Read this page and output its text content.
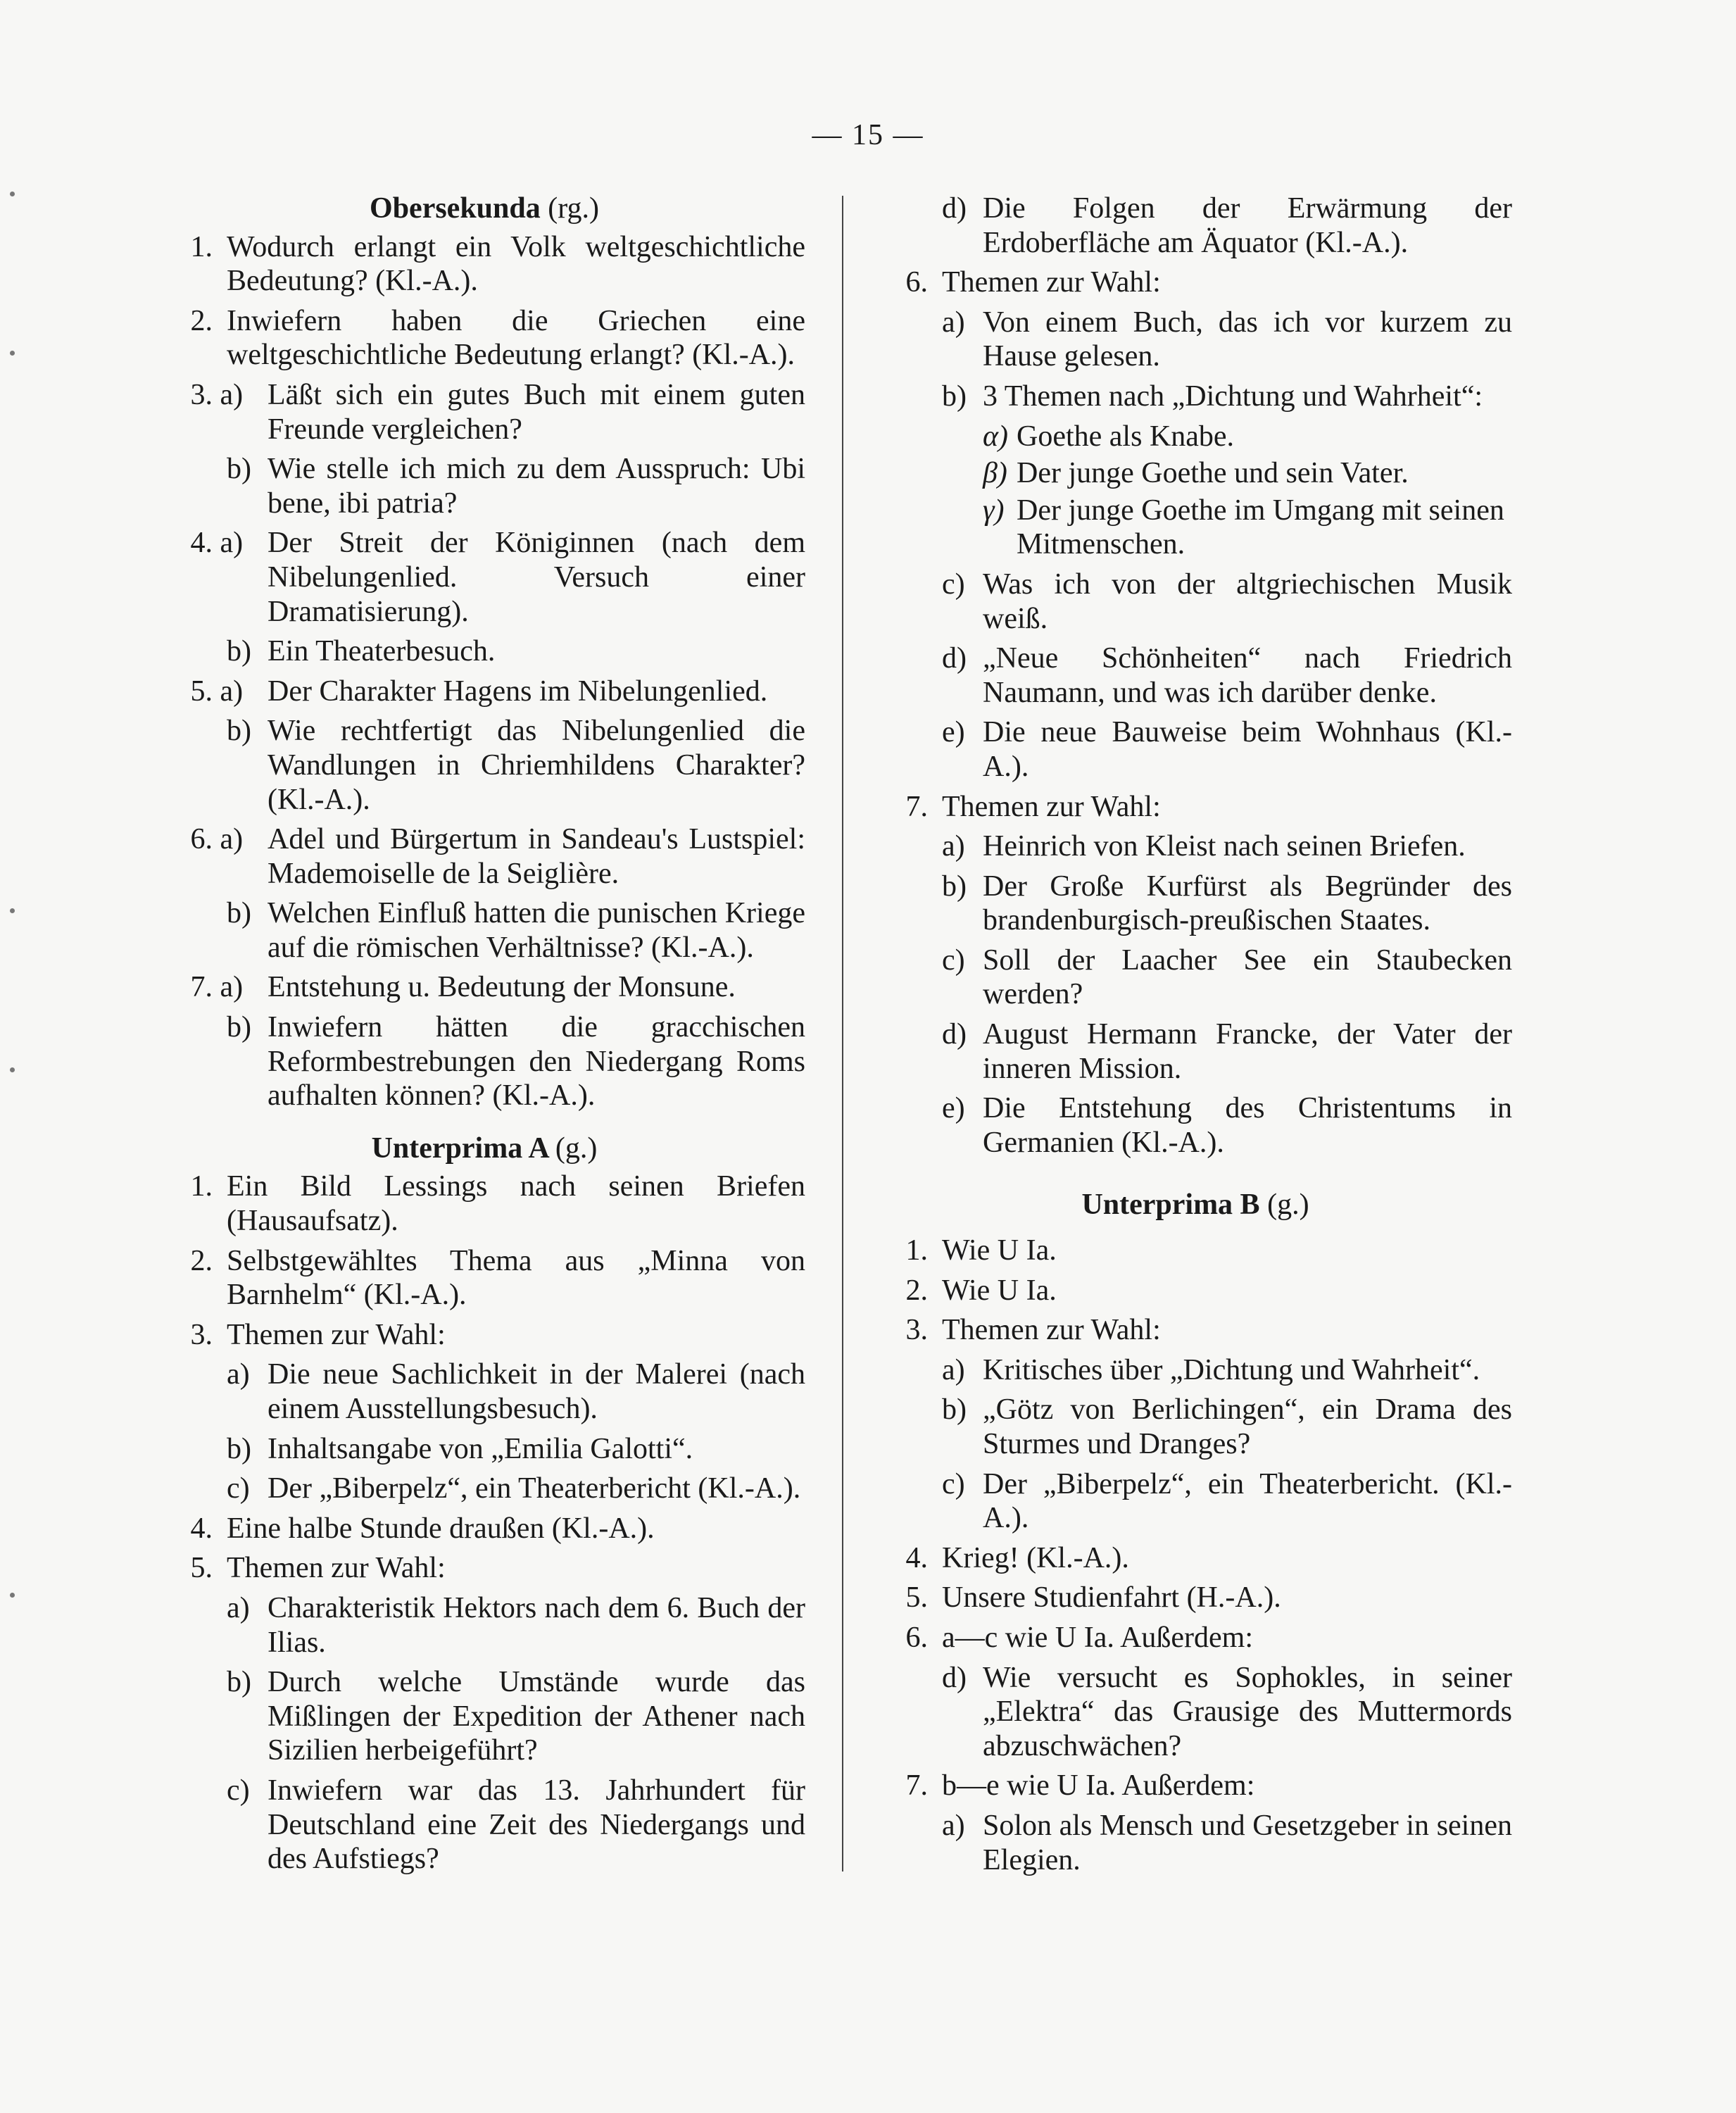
— 15 —
Obersekunda (rg.)
1. Wodurch erlangt ein Volk weltgeschichtliche Bedeutung? (Kl.-A.).
2. Inwiefern haben die Griechen eine weltgeschichtliche Bedeutung erlangt? (Kl.-A.).
3. a) Läßt sich ein gutes Buch mit einem guten Freunde vergleichen?
b) Wie stelle ich mich zu dem Ausspruch: Ubi bene, ibi patria?
4. a) Der Streit der Königinnen (nach dem Nibelungenlied. Versuch einer Dramatisierung).
b) Ein Theaterbesuch.
5. a) Der Charakter Hagens im Nibelungenlied.
b) Wie rechtfertigt das Nibelungenlied die Wandlungen in Chriemhildens Charakter? (Kl.-A.).
6. a) Adel und Bürgertum in Sandeau's Lustspiel: Mademoiselle de la Seiglière.
b) Welchen Einfluß hatten die punischen Kriege auf die römischen Verhältnisse? (Kl.-A.).
7. a) Entstehung u. Bedeutung der Monsune.
b) Inwiefern hätten die gracchischen Reformbestrebungen den Niedergang Roms aufhalten können? (Kl.-A.).
Unterprima A (g.)
1. Ein Bild Lessings nach seinen Briefen (Hausaufsatz).
2. Selbstgewähltes Thema aus „Minna von Barnhelm“ (Kl.-A.).
3. Themen zur Wahl:
a) Die neue Sachlichkeit in der Malerei (nach einem Ausstellungsbesuch).
b) Inhaltsangabe von „Emilia Galotti“.
c) Der „Biberpelz“, ein Theaterbericht (Kl.-A.).
4. Eine halbe Stunde draußen (Kl.-A.).
5. Themen zur Wahl:
a) Charakteristik Hektors nach dem 6. Buch der Ilias.
b) Durch welche Umstände wurde das Mißlingen der Expedition der Athener nach Sizilien herbeigeführt?
c) Inwiefern war das 13. Jahrhundert für Deutschland eine Zeit des Niedergangs und des Aufstiegs?
d) Die Folgen der Erwärmung der Erdoberfläche am Äquator (Kl.-A.).
6. Themen zur Wahl:
a) Von einem Buch, das ich vor kurzem zu Hause gelesen.
b) 3 Themen nach „Dichtung und Wahrheit“:
α) Goethe als Knabe.
β) Der junge Goethe und sein Vater.
γ) Der junge Goethe im Umgang mit seinen Mitmenschen.
c) Was ich von der altgriechischen Musik weiß.
d) „Neue Schönheiten“ nach Friedrich Naumann, und was ich darüber denke.
e) Die neue Bauweise beim Wohnhaus (Kl.-A.).
7. Themen zur Wahl:
a) Heinrich von Kleist nach seinen Briefen.
b) Der Große Kurfürst als Begründer des brandenburgisch-preußischen Staates.
c) Soll der Laacher See ein Staubecken werden?
d) August Hermann Francke, der Vater der inneren Mission.
e) Die Entstehung des Christentums in Germanien (Kl.-A.).
Unterprima B (g.)
1. Wie U Ia.
2. Wie U Ia.
3. Themen zur Wahl:
a) Kritisches über „Dichtung und Wahrheit“.
b) „Götz von Berlichingen“, ein Drama des Sturmes und Dranges?
c) Der „Biberpelz“, ein Theaterbericht. (Kl.-A.).
4. Krieg! (Kl.-A.).
5. Unsere Studienfahrt (H.-A.).
6. a—c wie U Ia. Außerdem:
d) Wie versucht es Sophokles, in seiner „Elektra“ das Grausige des Muttermords abzuschwächen?
7. b—e wie U Ia. Außerdem:
a) Solon als Mensch und Gesetzgeber in seinen Elegien.
